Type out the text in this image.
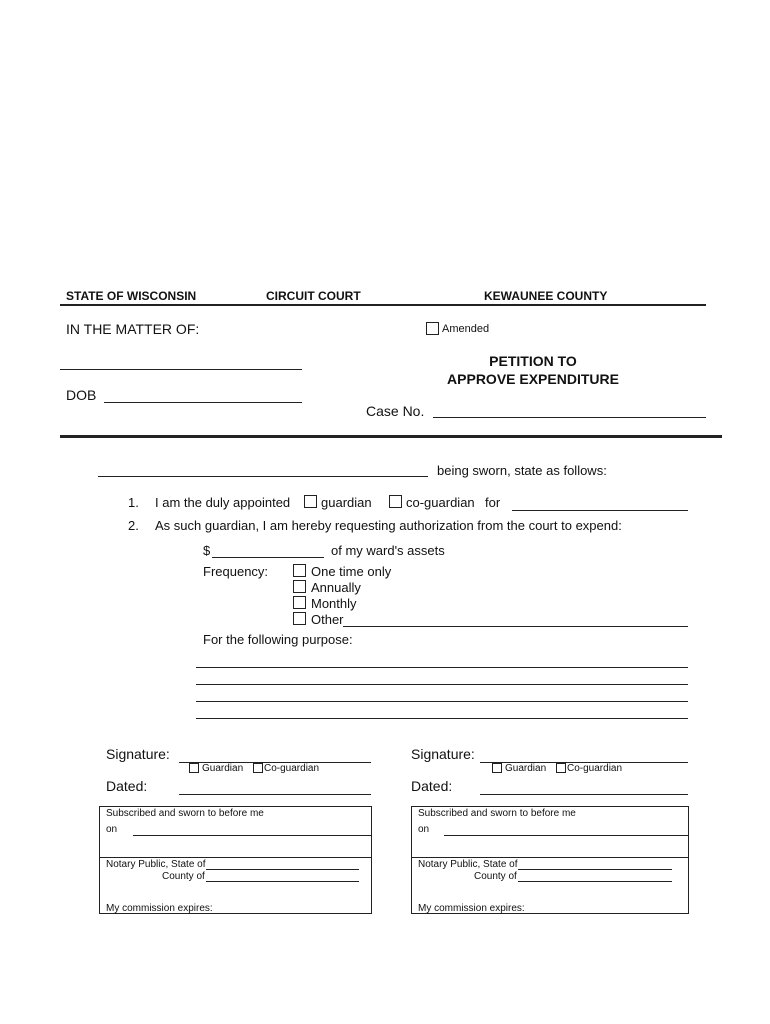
STATE OF WISCONSIN	CIRCUIT COURT	KEWAUNEE COUNTY
IN THE MATTER OF:	Amended
DOB
PETITION TO
APPROVE EXPENDITURE
Case No.
being sworn, state as follows:
1. I am the duly appointed guardian	co-guardian for
2. As such guardian, I am hereby requesting authorization from the court to expend:
$	of my ward's assets
Frequency:	One time only
Annually
Monthly
Other
For the following purpose:
Signature:
Guardian Co-guardian
Dated:
Subscribed and sworn to before me
on
Notary Public, State of
County of
My commission expires:
Signature:
Guardian Co-guardian
Dated:
Subscribed and sworn to before me
on
Notary Public, State of
County of
My commission expires:
